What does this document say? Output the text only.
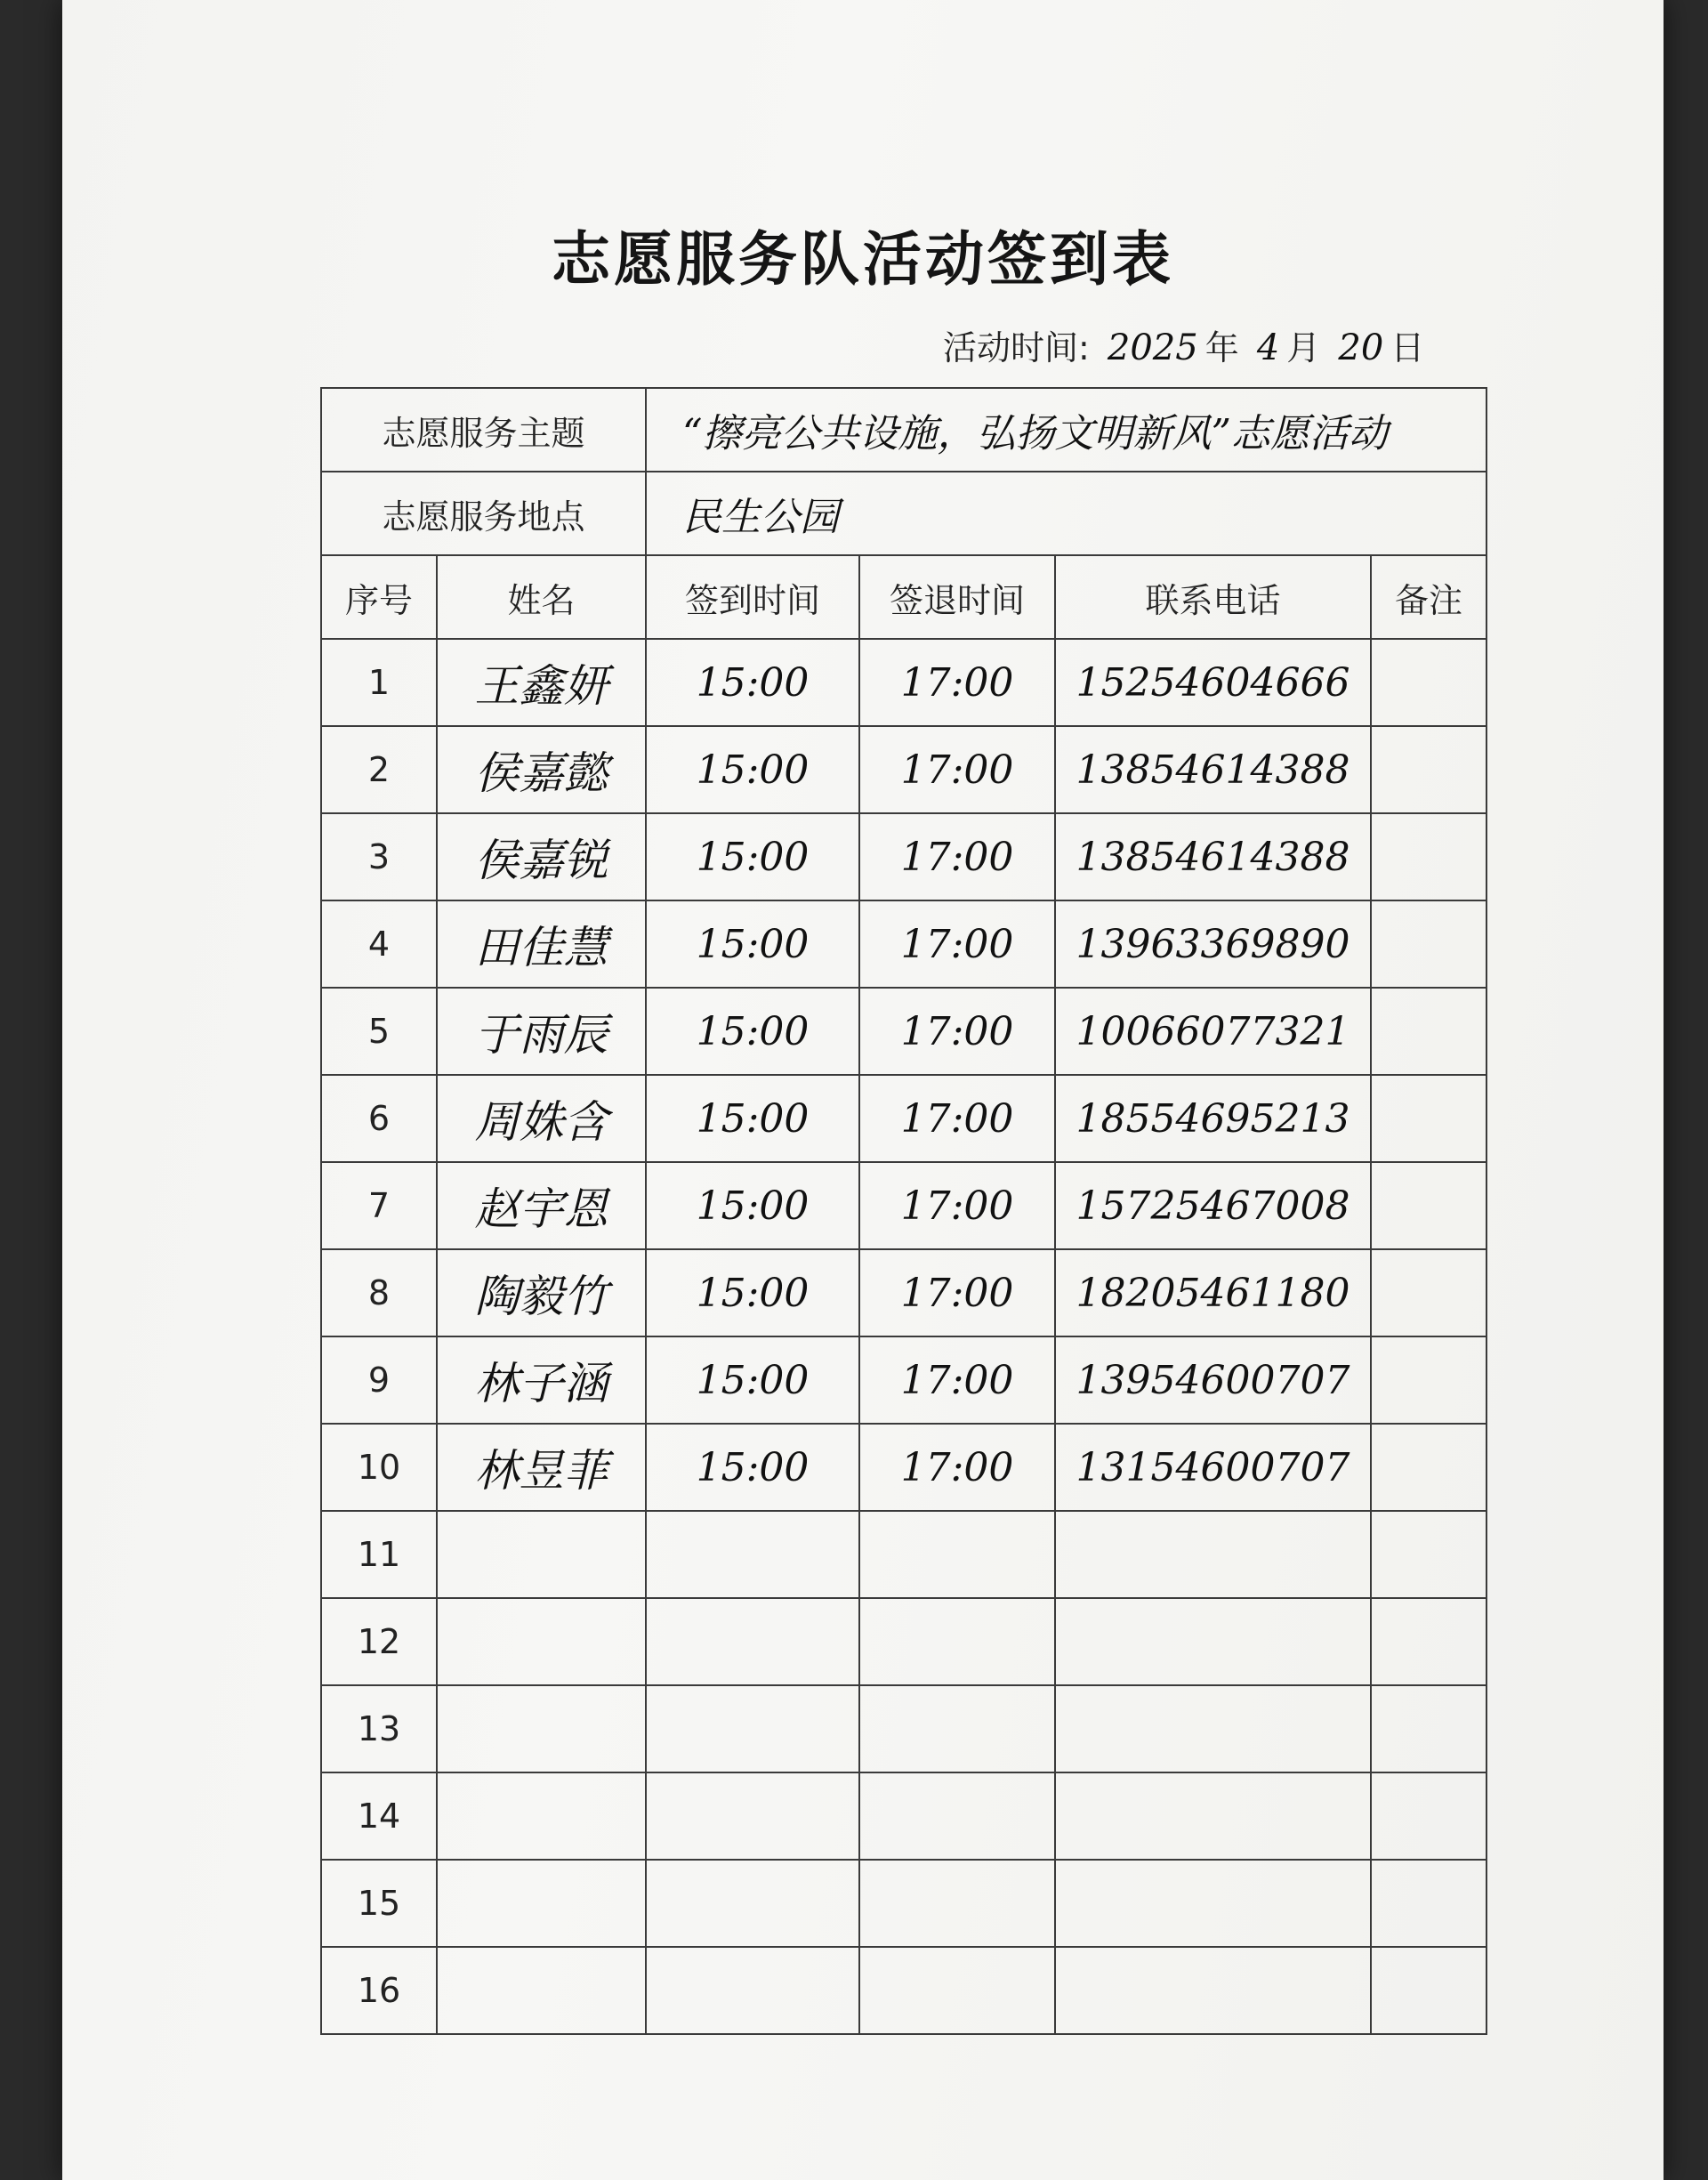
志愿服务队活动签到表
活动时间: 2025 年 4 月 20 日
志愿服务主题		“擦亮公共设施，弘扬文明新风”志愿活动			
志愿服务地点		民生公园			
序号	姓名	签到时间	签退时间	联系电话	备注
1	王鑫妍	15:00	17:00	15254604666	
2	侯嘉懿	15:00	17:00	13854614388	
3	侯嘉锐	15:00	17:00	13854614388	
4	田佳慧	15:00	17:00	13963369890	
5	于雨辰	15:00	17:00	10066077321	
6	周姝含	15:00	17:00	18554695213	
7	赵宇恩	15:00	17:00	15725467008	
8	陶毅竹	15:00	17:00	18205461180	
9	林子涵	15:00	17:00	13954600707	
10	林昱菲	15:00	17:00	13154600707	
11					
12					
13					
14					
15					
16					
